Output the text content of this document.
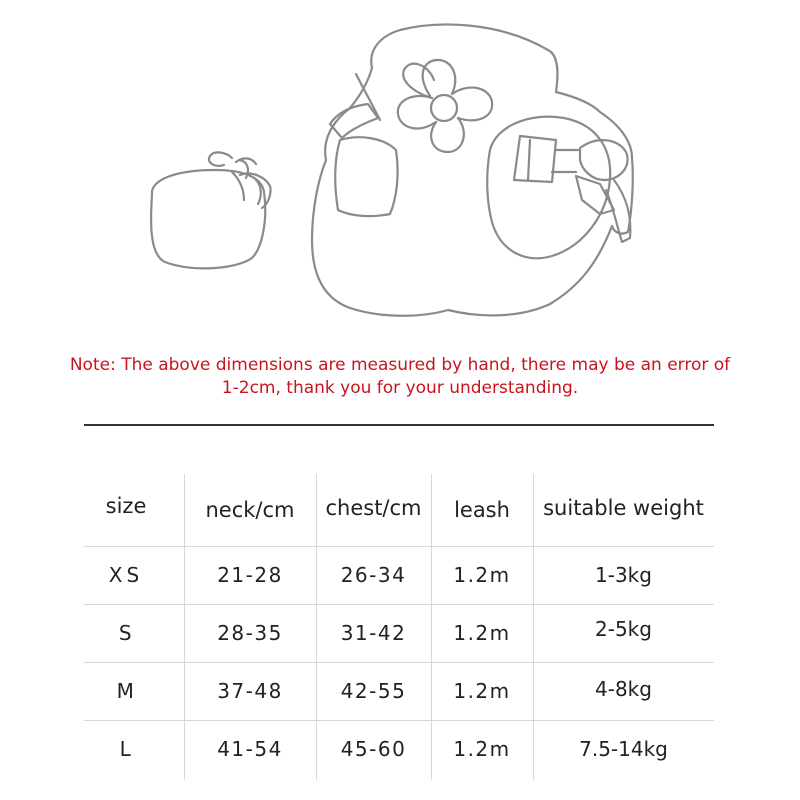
Note: The above dimensions are measured by hand, there may be an error of
1-2cm, thank you for your understanding.
size	neck/cm	chest/cm	leash	suitable weight
XS	21-28	26-34	1.2m	1-3kg
S	28-35	31-42	1.2m	2-5kg
M	37-48	42-55	1.2m	4-8kg
L	41-54	45-60	1.2m	7.5-14kg
